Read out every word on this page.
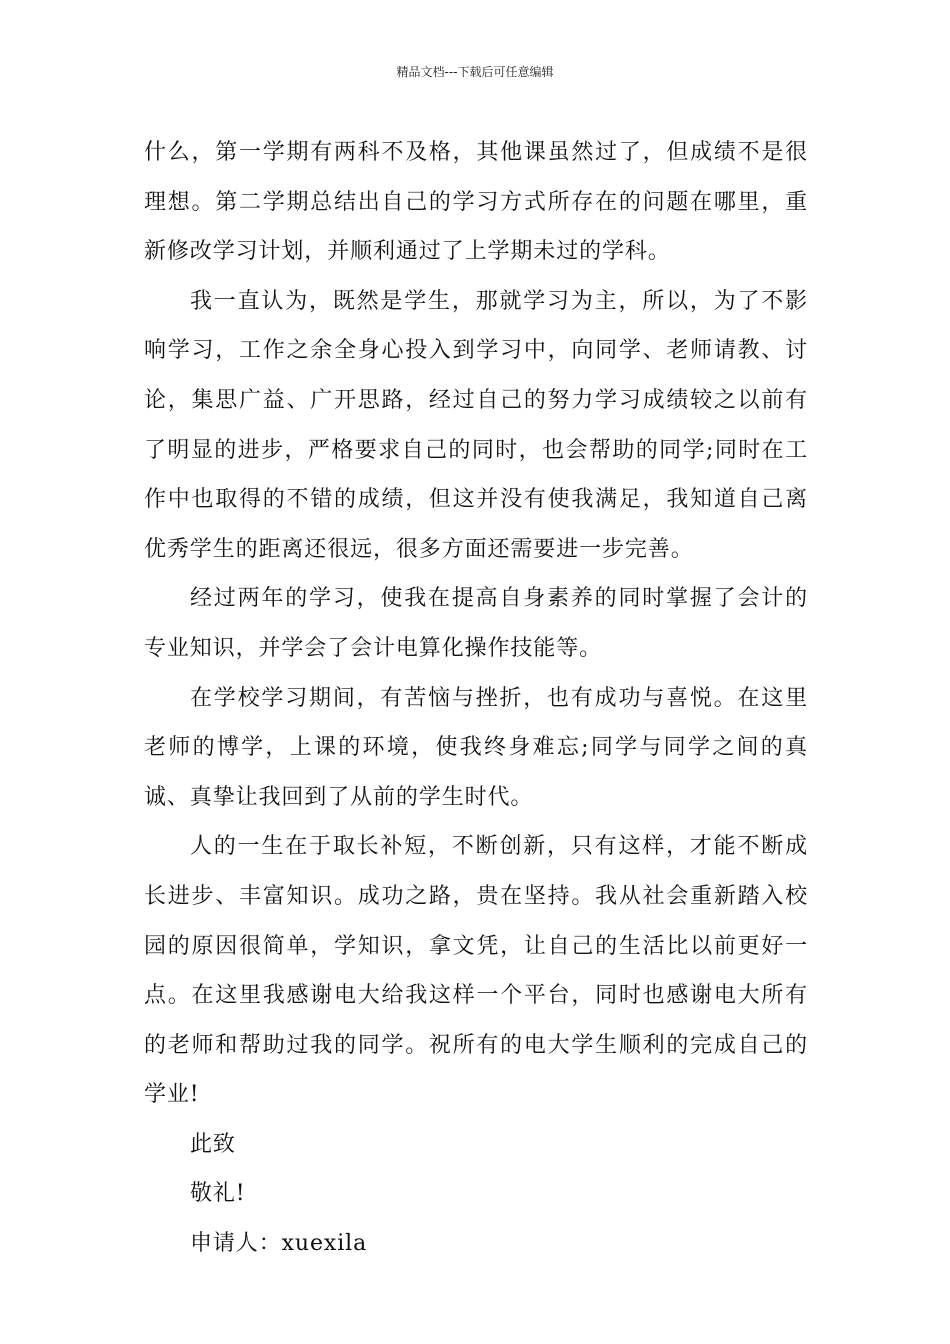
精品文档---下载后可任意编辑

什么，第一学期有两科不及格，其他课虽然过了，但成绩不是很理想。第二学期总结出自己的学习方式所存在的问题在哪里，重新修改学习计划，并顺利通过了上学期未过的学科。

我一直认为，既然是学生，那就学习为主，所以，为了不影响学习，工作之余全身心投入到学习中，向同学、老师请教、讨论，集思广益、广开思路，经过自己的努力学习成绩较之以前有了明显的进步，严格要求自己的同时，也会帮助的同学;同时在工作中也取得的不错的成绩，但这并没有使我满足，我知道自己离优秀学生的距离还很远，很多方面还需要进一步完善。

经过两年的学习，使我在提高自身素养的同时掌握了会计的专业知识，并学会了会计电算化操作技能等。

在学校学习期间，有苦恼与挫折，也有成功与喜悦。在这里老师的博学，上课的环境，使我终身难忘;同学与同学之间的真诚、真挚让我回到了从前的学生时代。

人的一生在于取长补短，不断创新，只有这样，才能不断成长进步、丰富知识。成功之路，贵在坚持。我从社会重新踏入校园的原因很简单，学知识，拿文凭，让自己的生活比以前更好一点。在这里我感谢电大给我这样一个平台，同时也感谢电大所有的老师和帮助过我的同学。祝所有的电大学生顺利的完成自己的学业!

此致

敬礼!

申请人：xuexila
